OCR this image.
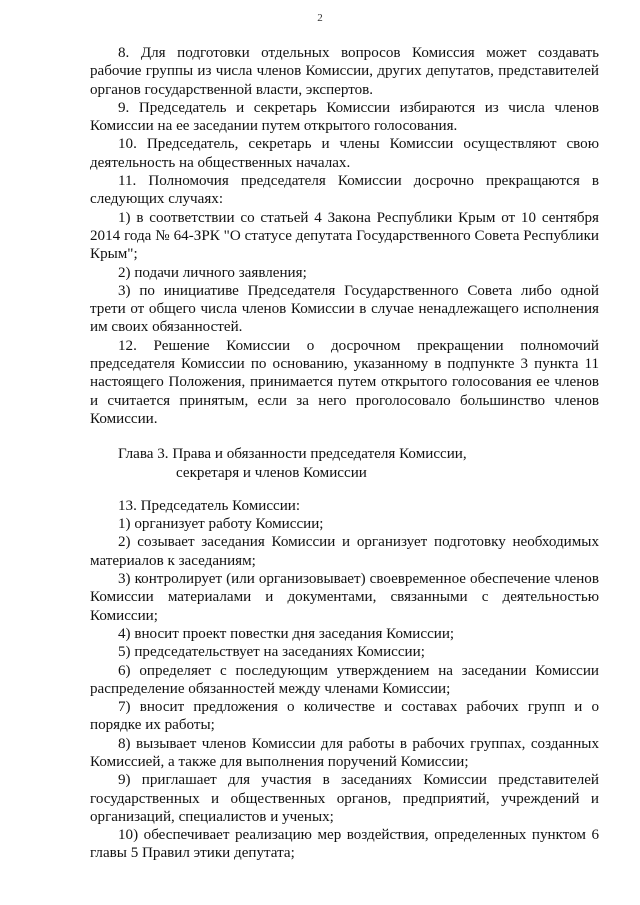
2

8. Для подготовки отдельных вопросов Комиссия может создавать рабочие группы из числа членов Комиссии, других депутатов, представителей органов государственной власти, экспертов.

9. Председатель и секретарь Комиссии избираются из числа членов Комиссии на ее заседании путем открытого голосования.

10. Председатель, секретарь и члены Комиссии осуществляют свою деятельность на общественных началах.

11. Полномочия председателя Комиссии досрочно прекращаются в следующих случаях:

1) в соответствии со статьей 4 Закона Республики Крым от 10 сентября 2014 года № 64-ЗРК "О статусе депутата Государственного Совета Республики Крым";

2) подачи личного заявления;

3) по инициативе Председателя Государственного Совета либо одной трети от общего числа членов Комиссии в случае ненадлежащего исполнения им своих обязанностей.

12. Решение Комиссии о досрочном прекращении полномочий председателя Комиссии по основанию, указанному в подпункте 3 пункта 11 настоящего Положения, принимается путем открытого голосования ее членов и считается принятым, если за него проголосовало большинство членов Комиссии.

Глава 3. Права и обязанности председателя Комиссии,
секретаря и членов Комиссии

13. Председатель Комиссии:

1) организует работу Комиссии;

2) созывает заседания Комиссии и организует подготовку необходимых материалов к заседаниям;

3) контролирует (или организовывает) своевременное обеспечение членов Комиссии материалами и документами, связанными с деятельностью Комиссии;

4) вносит проект повестки дня заседания Комиссии;

5) председательствует на заседаниях Комиссии;

6) определяет с последующим утверждением на заседании Комиссии распределение обязанностей между членами Комиссии;

7) вносит предложения о количестве и составах рабочих групп и о порядке их работы;

8) вызывает членов Комиссии для работы в рабочих группах, созданных Комиссией, а также для выполнения поручений Комиссии;

9) приглашает для участия в заседаниях Комиссии представителей государственных и общественных органов, предприятий, учреждений и организаций, специалистов и ученых;

10) обеспечивает реализацию мер воздействия, определенных пунктом 6 главы 5 Правил этики депутата;
